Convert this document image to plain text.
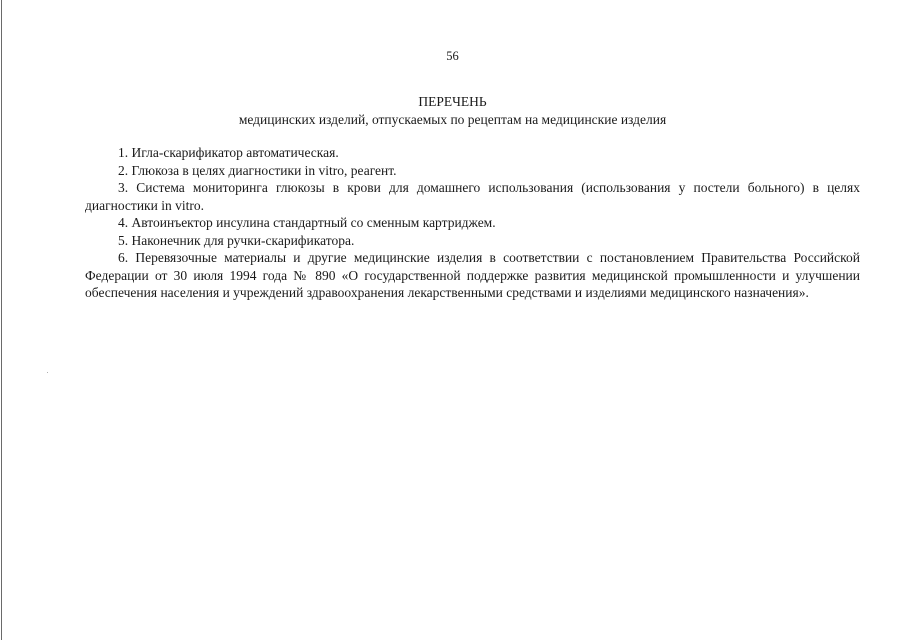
56
ПЕРЕЧЕНЬ
медицинских изделий, отпускаемых по рецептам на медицинские изделия
1. Игла-скарификатор автоматическая.
2. Глюкоза в целях диагностики in vitro, реагент.
3. Система мониторинга глюкозы в крови для домашнего использования (использования у постели больного) в целях диагностики in vitro.
4. Автоинъектор инсулина стандартный со сменным картриджем.
5. Наконечник для ручки-скарификатора.
6. Перевязочные материалы и другие медицинские изделия в соответствии с постановлением Правительства Российской Федерации от 30 июля 1994 года № 890 «О государственной поддержке развития медицинской промышленности и улучшении обеспечения населения и учреждений здравоохранения лекарственными средствами и изделиями медицинского назначения».
